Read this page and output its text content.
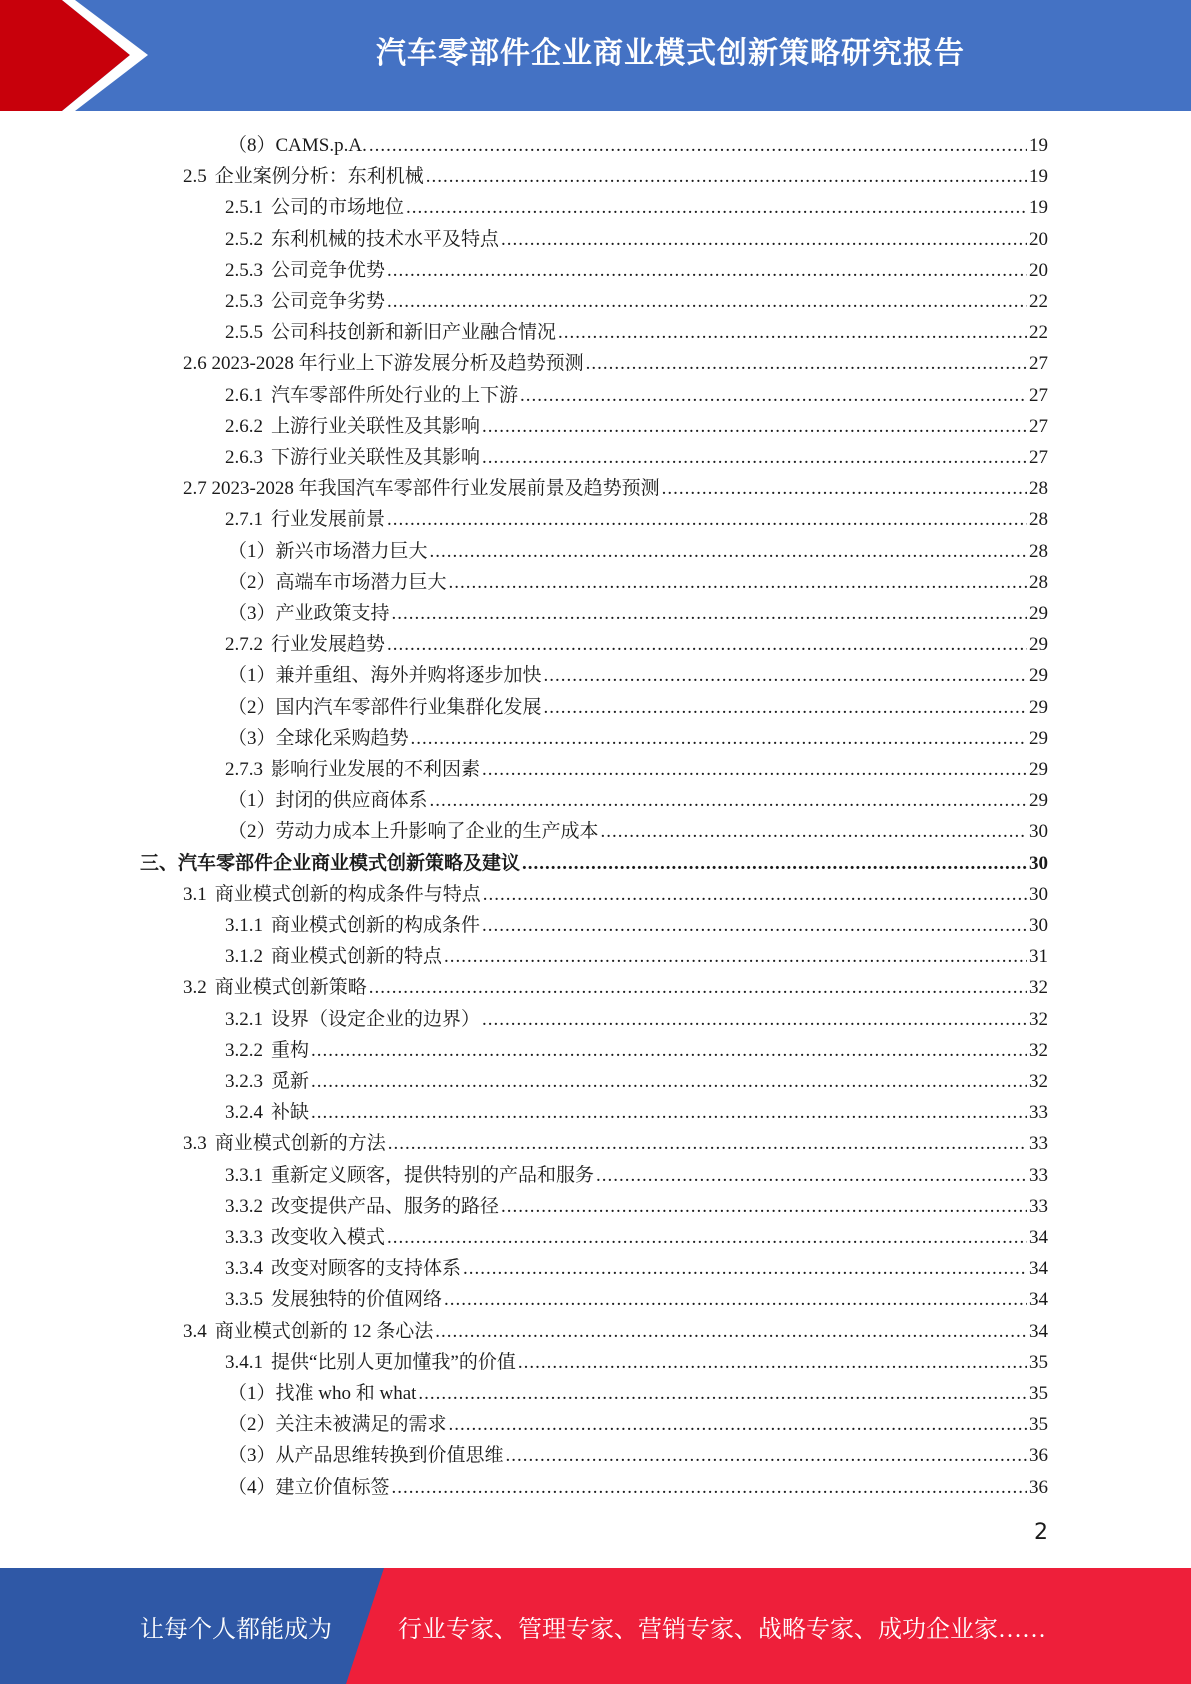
汽车零部件企业商业模式创新策略研究报告
（8）CAMS.p.A. .....	19
2.5 企业案例分析：东利机械 .....	19
2.5.1 公司的市场地位 .....	19
2.5.2 东利机械的技术水平及特点 .....	20
2.5.3 公司竞争优势 .....	20
2.5.3 公司竞争劣势 .....	22
2.5.5 公司科技创新和新旧产业融合情况 .....	22
2.6 2023-2028 年行业上下游发展分析及趋势预测 .....	27
2.6.1 汽车零部件所处行业的上下游 .....	27
2.6.2 上游行业关联性及其影响 .....	27
2.6.3 下游行业关联性及其影响 .....	27
2.7 2023-2028 年我国汽车零部件行业发展前景及趋势预测 .....	28
2.7.1 行业发展前景 .....	28
（1）新兴市场潜力巨大 .....	28
（2）高端车市场潜力巨大 .....	28
（3）产业政策支持 .....	29
2.7.2 行业发展趋势 .....	29
（1）兼并重组、海外并购将逐步加快 .....	29
（2）国内汽车零部件行业集群化发展 .....	29
（3）全球化采购趋势 .....	29
2.7.3 影响行业发展的不利因素 .....	29
（1）封闭的供应商体系 .....	29
（2）劳动力成本上升影响了企业的生产成本 .....	30
三、汽车零部件企业商业模式创新策略及建议 .....	30
3.1 商业模式创新的构成条件与特点 .....	30
3.1.1 商业模式创新的构成条件 .....	30
3.1.2 商业模式创新的特点 .....	31
3.2 商业模式创新策略 .....	32
3.2.1 设界（设定企业的边界） .....	32
3.2.2 重构 .....	32
3.2.3 觅新 .....	32
3.2.4 补缺 .....	33
3.3 商业模式创新的方法 .....	33
3.3.1 重新定义顾客，提供特别的产品和服务 .....	33
3.3.2 改变提供产品、服务的路径 .....	33
3.3.3 改变收入模式 .....	34
3.3.4 改变对顾客的支持体系 .....	34
3.3.5 发展独特的价值网络 .....	34
3.4 商业模式创新的 12 条心法 .....	34
3.4.1 提供“比别人更加懂我”的价值 .....	35
（1）找准 who 和 what .....	35
（2）关注未被满足的需求 .....	35
（3）从产品思维转换到价值思维 .....	36
（4）建立价值标签 .....	36
2
让每个人都能成为	行业专家、管理专家、营销专家、战略专家、成功企业家……
